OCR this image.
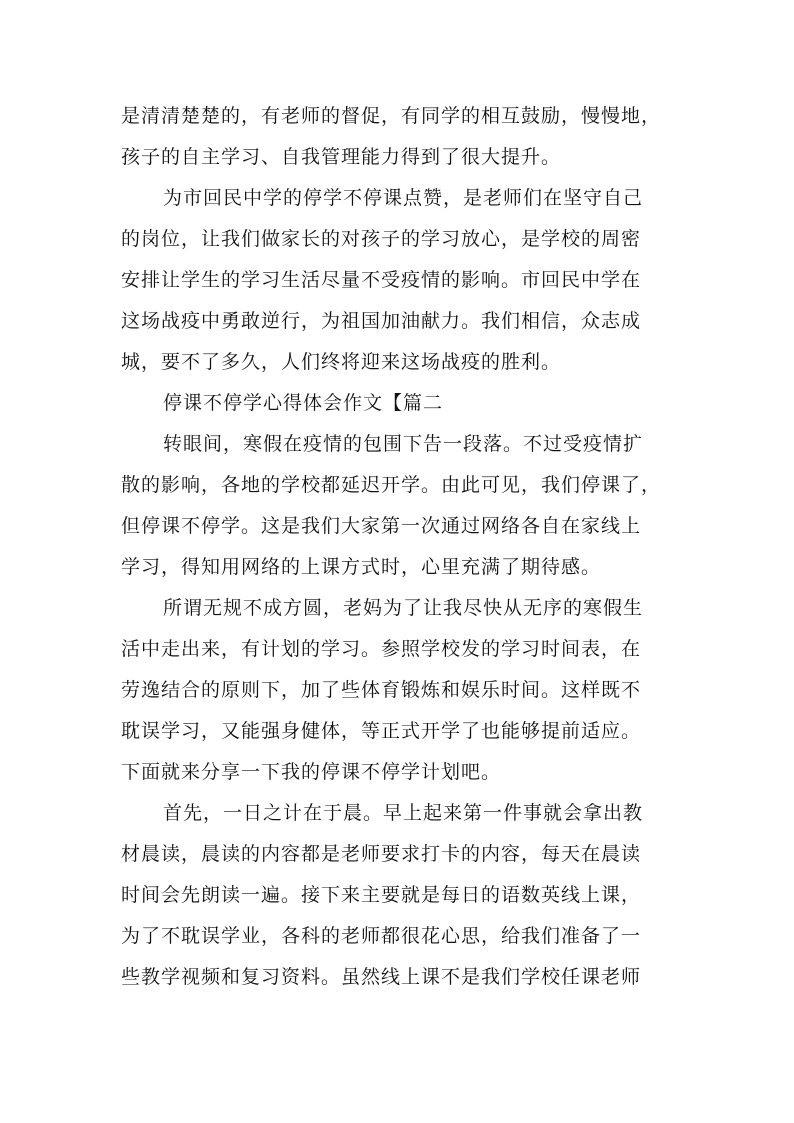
是清清楚楚的，有老师的督促，有同学的相互鼓励，慢慢地，
孩子的自主学习、自我管理能力得到了很大提升。
为市回民中学的停学不停课点赞，是老师们在坚守自己
的岗位，让我们做家长的对孩子的学习放心，是学校的周密
安排让学生的学习生活尽量不受疫情的影响。市回民中学在
这场战疫中勇敢逆行，为祖国加油献力。我们相信，众志成
城，要不了多久，人们终将迎来这场战疫的胜利。
停课不停学心得体会作文【篇二
转眼间，寒假在疫情的包围下告一段落。不过受疫情扩
散的影响，各地的学校都延迟开学。由此可见，我们停课了，
但停课不停学。这是我们大家第一次通过网络各自在家线上
学习，得知用网络的上课方式时，心里充满了期待感。
所谓无规不成方圆，老妈为了让我尽快从无序的寒假生
活中走出来，有计划的学习。参照学校发的学习时间表，在
劳逸结合的原则下，加了些体育锻炼和娱乐时间。这样既不
耽误学习，又能强身健体，等正式开学了也能够提前适应。
下面就来分享一下我的停课不停学计划吧。
首先，一日之计在于晨。早上起来第一件事就会拿出教
材晨读，晨读的内容都是老师要求打卡的内容，每天在晨读
时间会先朗读一遍。接下来主要就是每日的语数英线上课，
为了不耽误学业，各科的老师都很花心思，给我们准备了一
些教学视频和复习资料。虽然线上课不是我们学校任课老师
